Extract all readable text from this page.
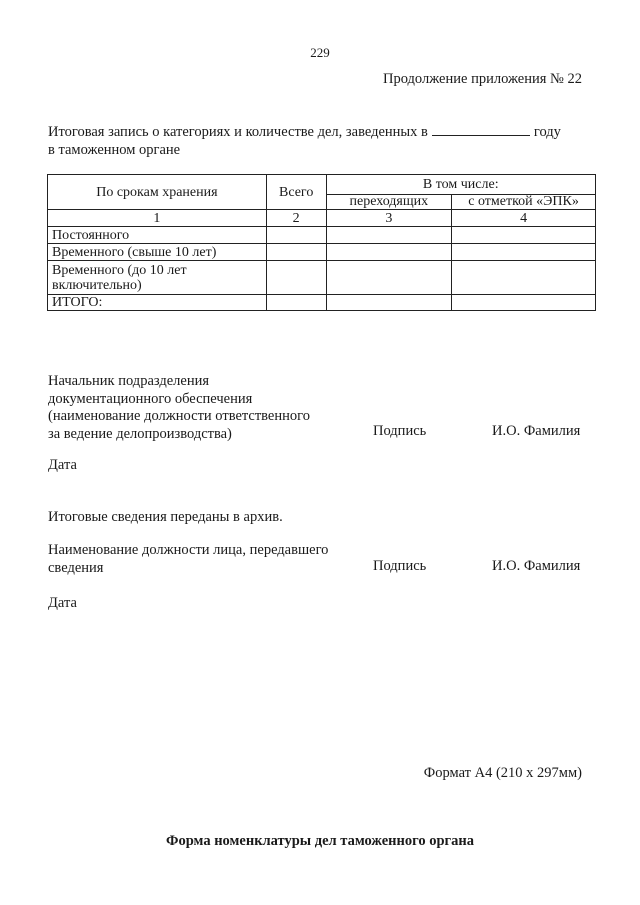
229
Продолжение приложения № 22
Итоговая запись о категориях и количестве дел, заведенных в	году
в таможенном органе
По срокам хранения	Всего	В том числе:	
		переходящих	с отметкой «ЭПК»
1	2	3	4
Постоянного			
Временного (свыше 10 лет)			

Временного (до 10 лет
включительно)			

ИТОГО:			
Начальник подразделения
документационного обеспечения
(наименование должности ответственного
за ведение делопроизводства)	Подпись	И.О. Фамилия
Дата
Итоговые сведения переданы в архив.
Наименование должности лица, передавшего
сведения	Подпись	И.О. Фамилия
Дата
Формат А4 (210 х 297мм)
Форма номенклатуры дел таможенного органа
